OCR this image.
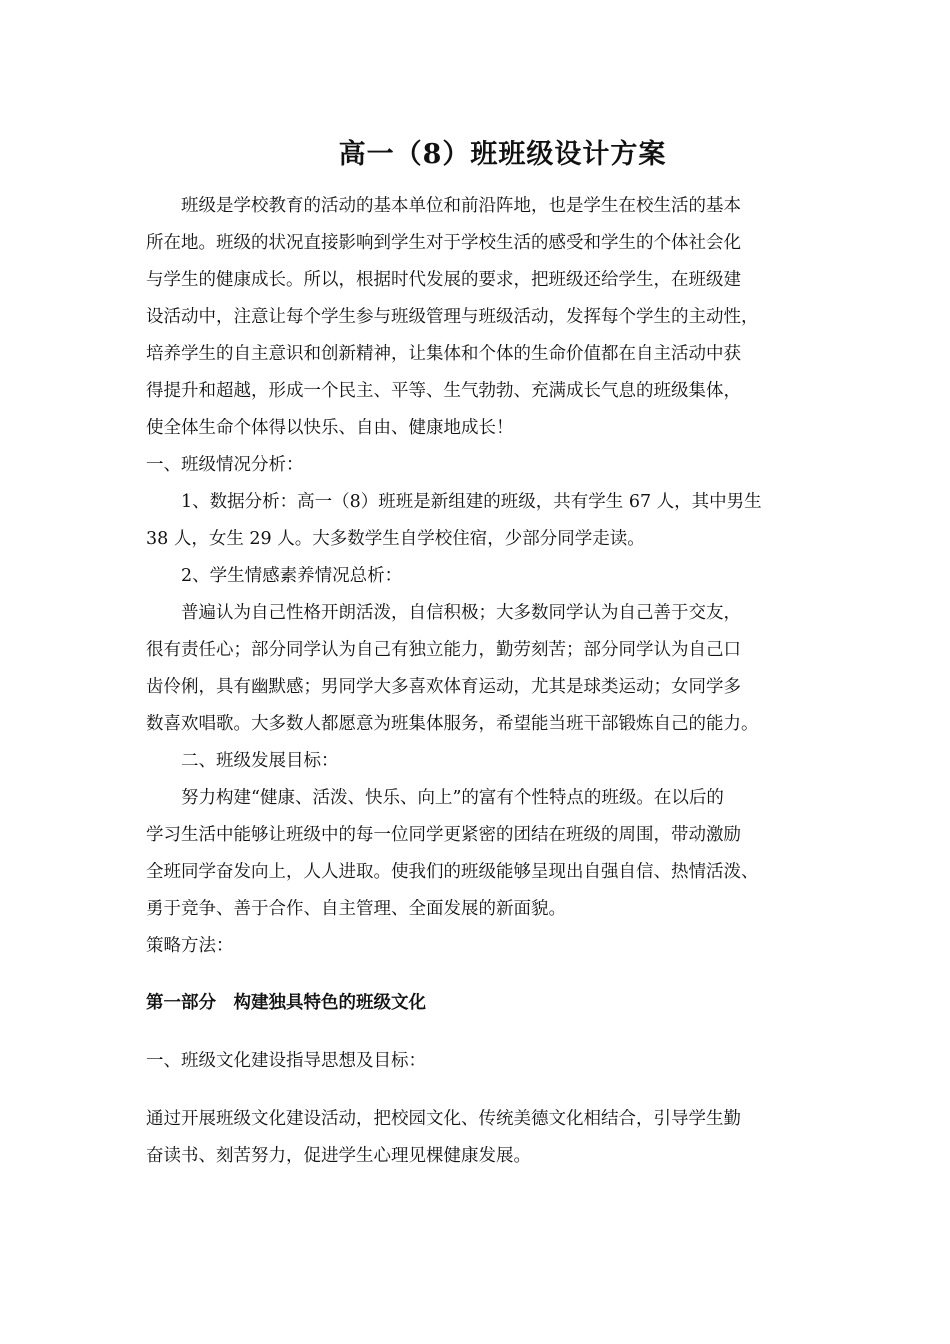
高一（8）班班级设计方案
班级是学校教育的活动的基本单位和前沿阵地，也是学生在校生活的基本
所在地。班级的状况直接影响到学生对于学校生活的感受和学生的个体社会化
与学生的健康成长。所以，根据时代发展的要求，把班级还给学生，在班级建
设活动中，注意让每个学生参与班级管理与班级活动，发挥每个学生的主动性，
培养学生的自主意识和创新精神，让集体和个体的生命价值都在自主活动中获
得提升和超越，形成一个民主、平等、生气勃勃、充满成长气息的班级集体，
使全体生命个体得以快乐、自由、健康地成长！
一、班级情况分析：
1、数据分析：高一（8）班班是新组建的班级，共有学生 67 人，其中男生
38 人，女生 29 人。大多数学生自学校住宿，少部分同学走读。
2、学生情感素养情况总析：
普遍认为自己性格开朗活泼，自信积极；大多数同学认为自己善于交友，
很有责任心；部分同学认为自己有独立能力，勤劳刻苦；部分同学认为自己口
齿伶俐，具有幽默感；男同学大多喜欢体育运动，尤其是球类运动；女同学多
数喜欢唱歌。大多数人都愿意为班集体服务，希望能当班干部锻炼自己的能力。
二、班级发展目标：
努力构建“健康、活泼、快乐、向上”的富有个性特点的班级。在以后的
学习生活中能够让班级中的每一位同学更紧密的团结在班级的周围，带动激励
全班同学奋发向上，人人进取。使我们的班级能够呈现出自强自信、热情活泼、
勇于竞争、善于合作、自主管理、全面发展的新面貌。
策略方法：
第一部分　构建独具特色的班级文化
一、班级文化建设指导思想及目标：
通过开展班级文化建设活动，把校园文化、传统美德文化相结合，引导学生勤
奋读书、刻苦努力，促进学生心理见棵健康发展。
